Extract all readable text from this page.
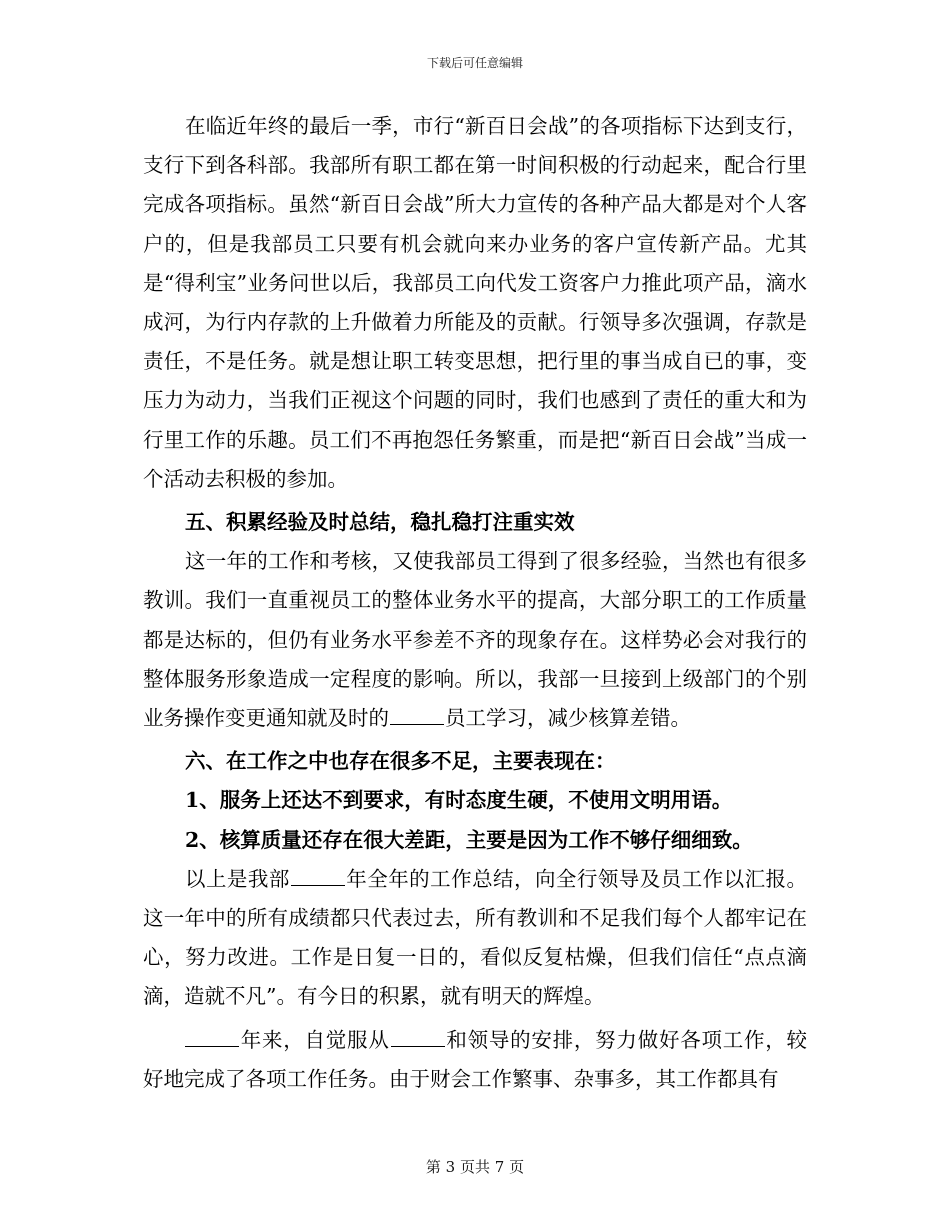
下载后可任意编辑

在临近年终的最后一季，市行“新百日会战”的各项指标下达到支行，支行下到各科部。我部所有职工都在第一时间积极的行动起来，配合行里完成各项指标。虽然“新百日会战”所大力宣传的各种产品大都是对个人客户的，但是我部员工只要有机会就向来办业务的客户宣传新产品。尤其是“得利宝”业务问世以后，我部员工向代发工资客户力推此项产品，滴水成河，为行内存款的上升做着力所能及的贡献。行领导多次强调，存款是责任，不是任务。就是想让职工转变思想，把行里的事当成自已的事，变压力为动力，当我们正视这个问题的同时，我们也感到了责任的重大和为行里工作的乐趣。员工们不再抱怨任务繁重，而是把“新百日会战”当成一个活动去积极的参加。

五、积累经验及时总结，稳扎稳打注重实效

这一年的工作和考核，又使我部员工得到了很多经验，当然也有很多教训。我们一直重视员工的整体业务水平的提高，大部分职工的工作质量都是达标的，但仍有业务水平参差不齐的现象存在。这样势必会对我行的整体服务形象造成一定程度的影响。所以，我部一旦接到上级部门的个别业务操作变更通知就及时的	员工学习，减少核算差错。

六、在工作之中也存在很多不足，主要表现在：

1、服务上还达不到要求，有时态度生硬，不使用文明用语。

2、核算质量还存在很大差距，主要是因为工作不够仔细细致。

以上是我部	年全年的工作总结，向全行领导及员工作以汇报。这一年中的所有成绩都只代表过去，所有教训和不足我们每个人都牢记在心，努力改进。工作是日复一日的，看似反复枯燥，但我们信任“点点滴滴，造就不凡”。有今日的积累，就有明天的辉煌。

年来，自觉服从	和领导的安排，努力做好各项工作，较好地完成了各项工作任务。由于财会工作繁事、杂事多，其工作都具有

第 3 页共 7 页
